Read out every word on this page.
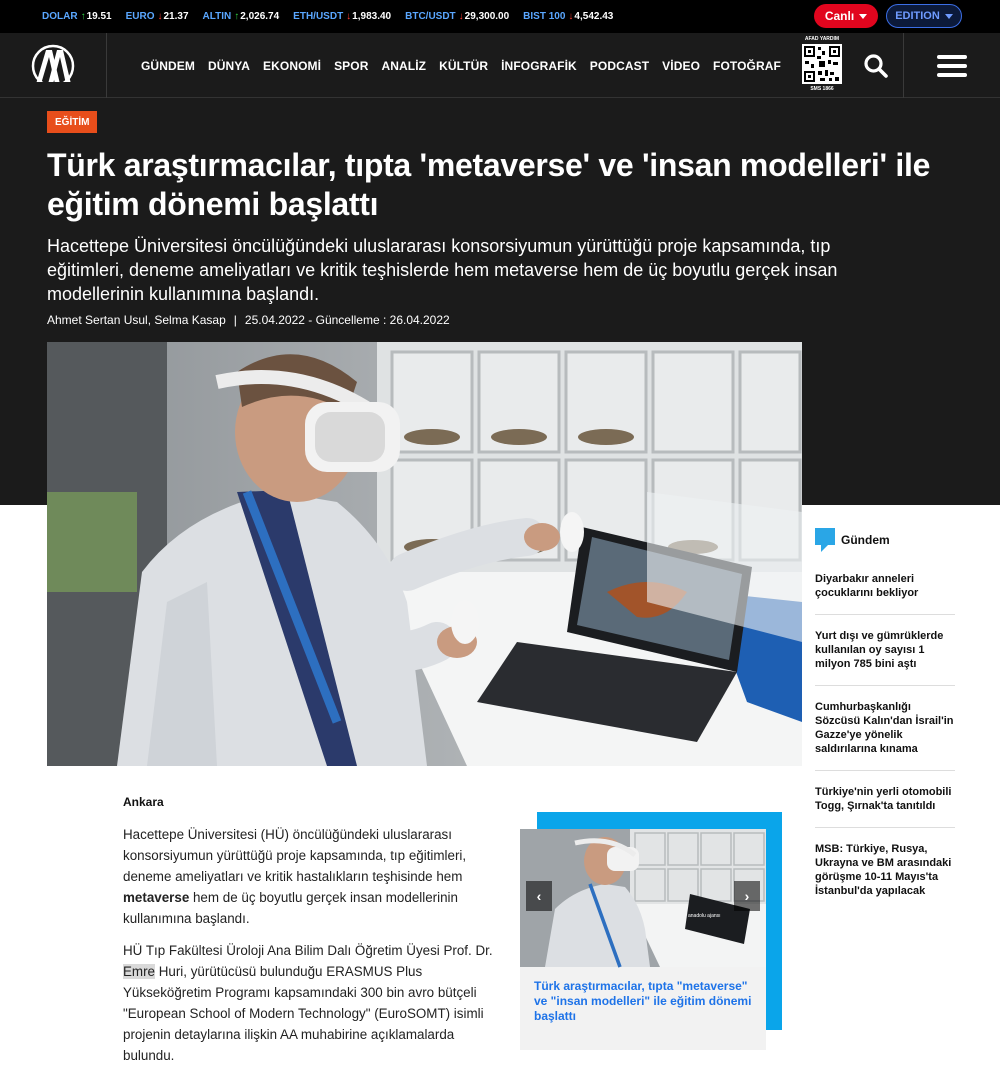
DOLAR ↑ 19.51 EURO ↓ 21.37 ALTIN ↑ 2,026.74 ETH/USDT ↓ 1,983.40 BTC/USDT ↓ 29,300.00 BIST 100 ↓ 4,542.43	Canlı	EDITION
GÜNDEM DÜNYA EKONOMİ SPOR ANALİZ KÜLTÜR İNFOGRAFİK PODCAST VİDEO FOTOĞRAF
AFAD YARDIM
SMS 1866
EĞİTİM
Türk araştırmacılar, tıpta 'metaverse' ve 'insan modelleri' ile eğitim dönemi başlattı

Hacettepe Üniversitesi öncülüğündeki uluslararası konsorsiyumun yürüttüğü proje kapsamında, tıp eğitimleri, deneme ameliyatları ve kritik teşhislerde hem metaverse hem de üç boyutlu gerçek insan modellerinin kullanımına başlandı.

Ahmet Sertan Usul, Selma Kasap | 25.04.2022 - Güncelleme : 26.04.2022
Gündem
Diyarbakır anneleri çocuklarını bekliyor
Yurt dışı ve gümrüklerde kullanılan oy sayısı 1 milyon 785 bini aştı
Cumhurbaşkanlığı Sözcüsü Kalın'dan İsrail'in Gazze'ye yönelik saldırılarına kınama
Türkiye'nin yerli otomobili Togg, Şırnak'ta tanıtıldı
MSB: Türkiye, Rusya, Ukrayna ve BM arasındaki görüşme 10-11 Mayıs'ta İstanbul'da yapılacak
Ankara

Hacettepe Üniversitesi (HÜ) öncülüğündeki uluslararası konsorsiyumun yürüttüğü proje kapsamında, tıp eğitimleri, deneme ameliyatları ve kritik hastalıkların teşhisinde hem metaverse hem de üç boyutlu gerçek insan modellerinin kullanımına başlandı.

HÜ Tıp Fakültesi Üroloji Ana Bilim Dalı Öğretim Üyesi Prof. Dr. Emre Huri, yürütücüsü bulunduğu ERASMUS Plus Yükseköğretim Programı kapsamındaki 300 bin avro bütçeli "European School of Modern Technology" (EuroSOMT) isimli projenin detaylarına ilişkin AA muhabirine açıklamalarda bulundu.

anadolu ajansı
‹	›
Türk araştırmacılar, tıpta "metaverse" ve "insan modelleri" ile eğitim dönemi başlattı
